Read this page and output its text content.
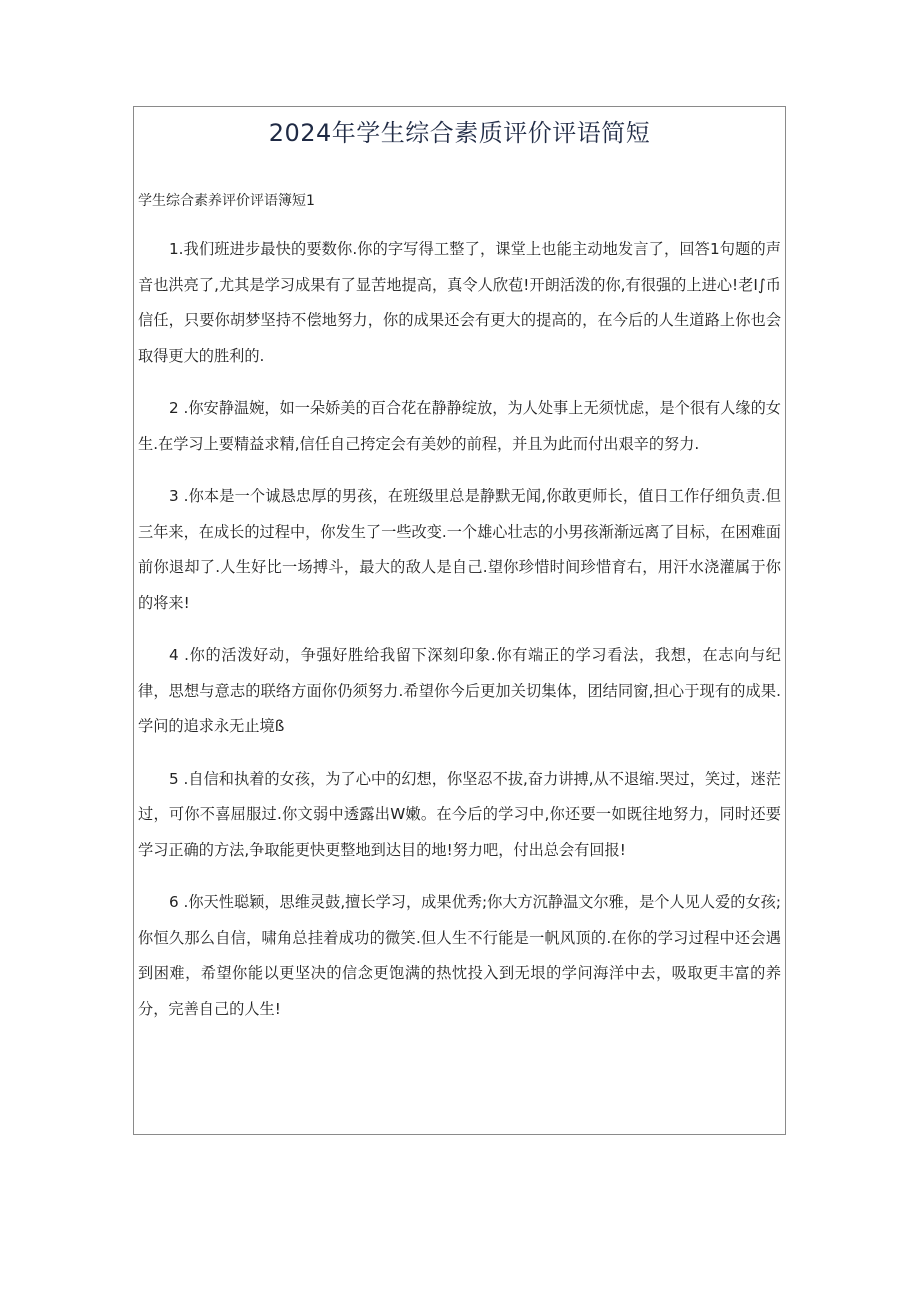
2024年学生综合素质评价评语简短
学生综合素养评价评语簿短1

1.我们班进步最快的要数你.你的字写得工整了，课堂上也能主动地发言了，回答1句题的声音也洪亮了,尤其是学习成果有了显苦地提高，真令人欣苞!开朗活泼的你,有很强的上进心!老I∫币信任，只要你胡梦坚持不偿地努力，你的成果还会有更大的提高的，在今后的人生道路上你也会取得更大的胜利的.

2 .你安静温婉，如一朵娇美的百合花在静静绽放，为人处事上无须忧虑，是个很有人缘的女生.在学习上要精益求精,信任自己挎定会有美妙的前程，并且为此而付出艰辛的努力.

3 .你本是一个诚恳忠厚的男孩，在班级里总是静默无闻,你敢更师长，值日工作仔细负责.但三年来，在成长的过程中，你发生了一些改变.一个雄心壮志的小男孩渐渐远离了目标，在困难面前你退却了.人生好比一场搏斗，最大的敌人是自己.望你珍惜时间珍惜育右，用汗水浇灌属于你的将来!

4 .你的活泼好动，争强好胜给我留下深刻印象.你有端正的学习看法，我想，在志向与纪律，思想与意志的联络方面你仍须努力.希望你今后更加关切集体，团结同窗,担心于现有的成果.学问的追求永无止境ß

5 .自信和执着的女孩，为了心中的幻想，你坚忍不拔,奋力讲搏,从不退缩.哭过，笑过，迷茫过，可你不喜屈服过.你文弱中透露出W嫩。在今后的学习中,你还要一如既往地努力，同时还要学习正确的方法,争取能更快更整地到达目的地!努力吧，付出总会有回报!

6 .你天性聪颖，思维灵鼓,擅长学习，成果优秀;你大方沉静温文尔雅，是个人见人爱的女孩;你恒久那么自信，啸角总挂着成功的微笑.但人生不行能是一帆风顶的.在你的学习过程中还会遇到困难，希望你能以更坚决的信念更饱满的热忱投入到无垠的学问海洋中去，吸取更丰富的养分，完善自己的人生!
